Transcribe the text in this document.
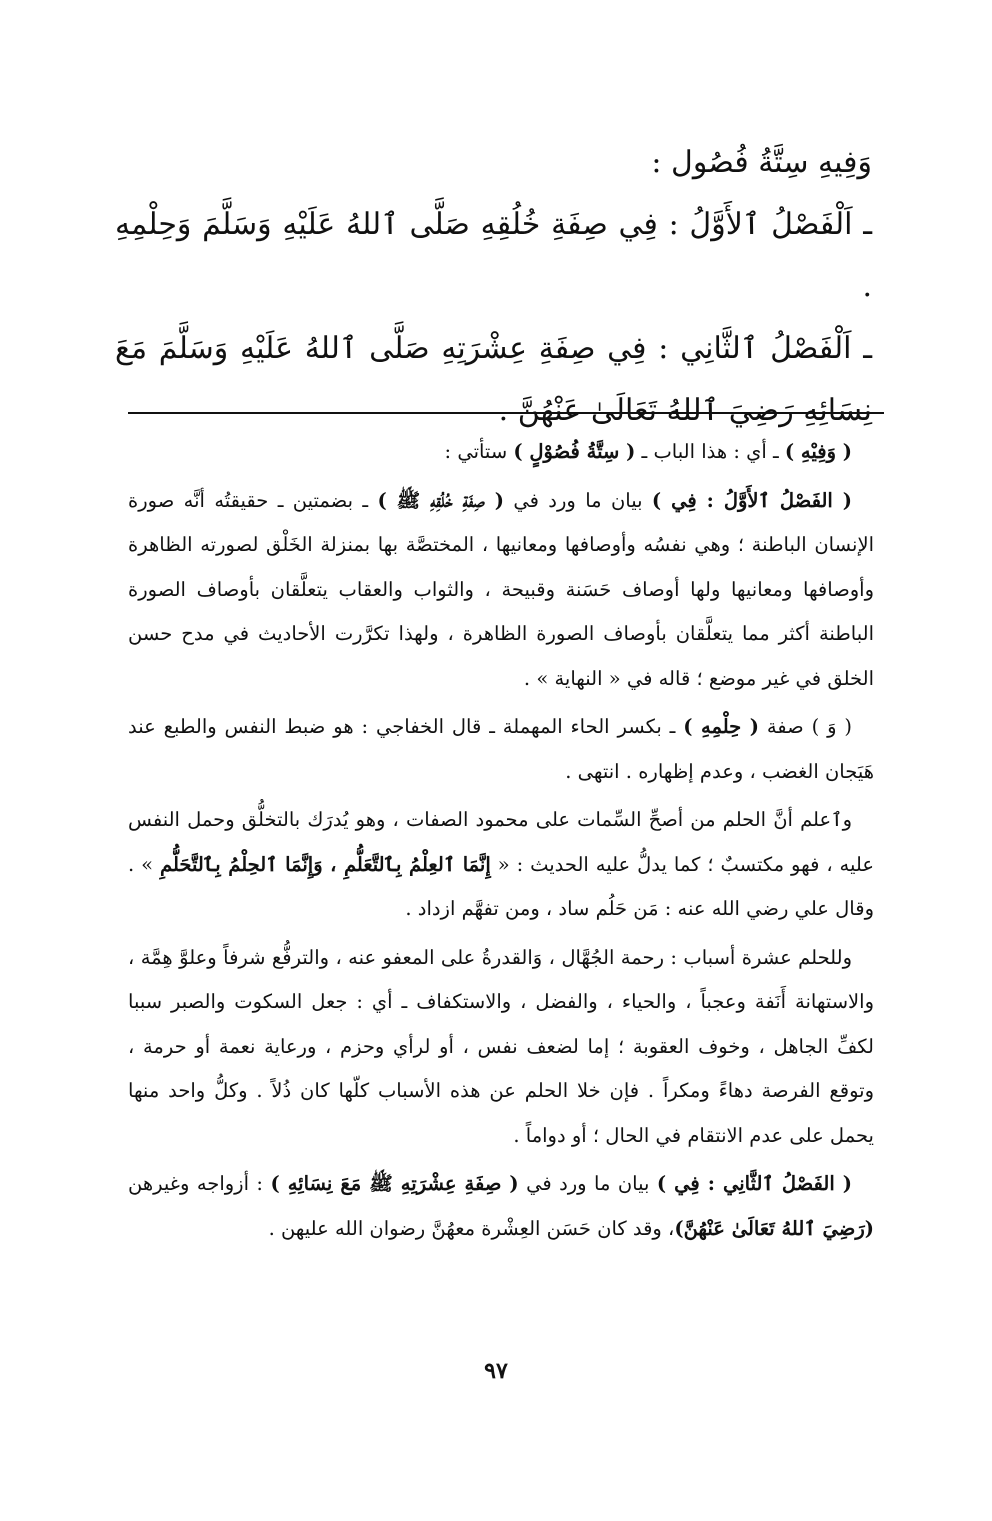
وَفِيهِ سِتَّةُ فُصُول :

ـ اَلْفَصْلُ ٱلأَوَّلُ : فِي صِفَةِ خُلُقِهِ صَلَّى ٱللهُ عَلَيْهِ وَسَلَّمَ وَحِلْمِهِ .

ـ اَلْفَصْلُ ٱلثَّانِي : فِي صِفَةِ عِشْرَتِهِ صَلَّى ٱللهُ عَلَيْهِ وَسَلَّمَ مَعَ نِسَائِهِ رَضِيَ ٱللهُ تَعَالَىٰ عَنْهُنَّ .

( وَفِيْهِ ) ـ أي : هذا الباب ـ ( سِتَّةُ فُصُوْلٍ ) ستأتي :

( الفَصْلُ ٱلأَوَّلُ : فِي ) بيان ما ورد في ( صِفَةِ خُلُقِهِ ﷺ ) ـ بضمتين ـ حقيقتُه أنَّه صورة الإنسان الباطنة ؛ وهي نفسُه وأوصافها ومعانيها ، المختصَّة بها بمنزلة الخَلْق لصورته الظاهرة وأوصافها ومعانيها ولها أوصاف حَسَنة وقبيحة ، والثواب والعقاب يتعلَّقان بأوصاف الصورة الباطنة أكثر مما يتعلَّقان بأوصاف الصورة الظاهرة ، ولهذا تكرَّرت الأحاديث في مدح حسن الخلق في غير موضع ؛ قاله في « النهاية » .

( وَ ) صفة ( حِلْمِهِ ) ـ بكسر الحاء المهملة ـ قال الخفاجي : هو ضبط النفس والطبع عند هَيَجان الغضب ، وعدم إظهاره . انتهى .

وٱعلم أنَّ الحلم من أصحِّ السِّمات على محمود الصفات ، وهو يُدرَك بالتخلُّق وحمل النفس عليه ، فهو مكتسبٌ ؛ كما يدلُّ عليه الحديث : « إِنَّمَا ٱلعِلْمُ بِٱلتَّعَلُّمِ ، وَإِنَّمَا ٱلحِلْمُ بِٱلتَّحَلُّمِ » . وقال علي رضي الله عنه : مَن حَلُم ساد ، ومن تفهَّم ازداد .

وللحلم عشرة أسباب : رحمة الجُهَّال ، وَالقدرةُ على المعفو عنه ، والترفُّع شرفاً وعلوَّ هِمَّة ، والاستهانة أَنَفة وعجباً ، والحياء ، والفضل ، والاستكفاف ـ أي : جعل السكوت والصبر سببا لكفِّ الجاهل ، وخوف العقوبة ؛ إما لضعف نفس ، أو لرأي وحزم ، ورعاية نعمة أو حرمة ، وتوقع الفرصة دهاءً ومكراً . فإن خلا الحلم عن هذه الأسباب كلّها كان ذُلاً . وكلُّ واحد منها يحمل على عدم الانتقام في الحال ؛ أو دواماً .

( الفَصْلُ ٱلثَّانِي : فِي ) بيان ما ورد في ( صِفَةِ عِشْرَتِهِ ﷺ مَعَ نِسَائِهِ ) : أزواجه وغيرهن (رَضِيَ ٱللهُ تَعَالَىٰ عَنْهُنَّ)، وقد كان حَسَن العِشْرة معهُنَّ رضوان الله عليهن .

٩٧
